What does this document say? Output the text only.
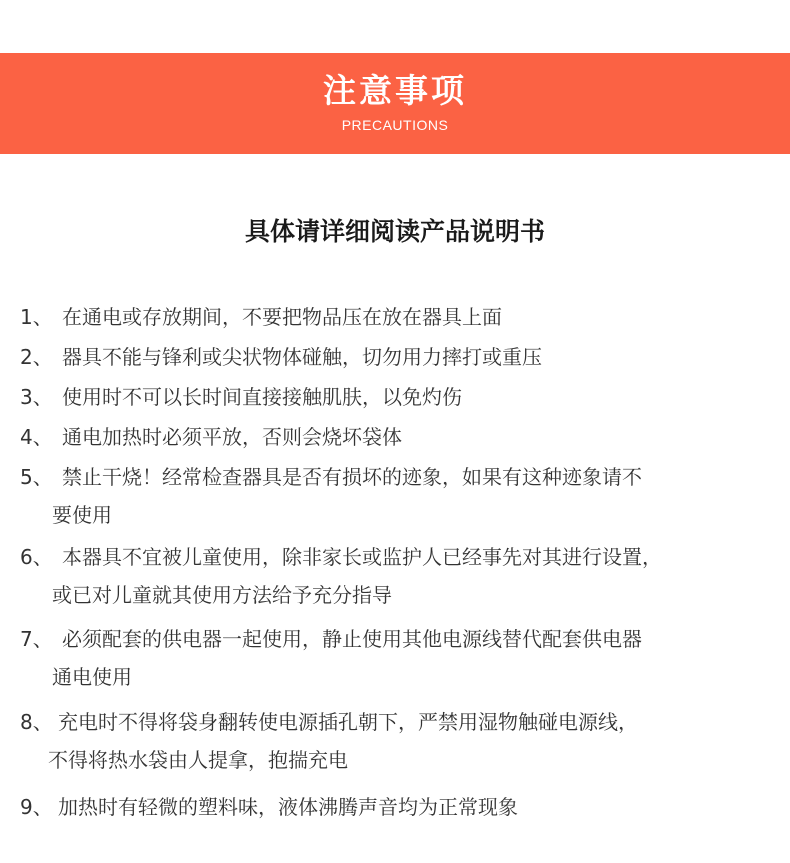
注意事项
PRECAUTIONS
具体请详细阅读产品说明书
1、 在通电或存放期间，不要把物品压在放在器具上面
2、 器具不能与锋利或尖状物体碰触，切勿用力摔打或重压
3、 使用时不可以长时间直接接触肌肤，以免灼伤
4、 通电加热时必须平放，否则会烧坏袋体
5、 禁止干烧！经常检查器具是否有损坏的迹象，如果有这种迹象请不
要使用
6、 本器具不宜被儿童使用，除非家长或监护人已经事先对其进行设置，
或已对儿童就其使用方法给予充分指导
7、 必须配套的供电器一起使用，静止使用其他电源线替代配套供电器
通电使用
8、 充电时不得将袋身翻转使电源插孔朝下，严禁用湿物触碰电源线，
不得将热水袋由人提拿，抱揣充电
9、 加热时有轻微的塑料味，液体沸腾声音均为正常现象
